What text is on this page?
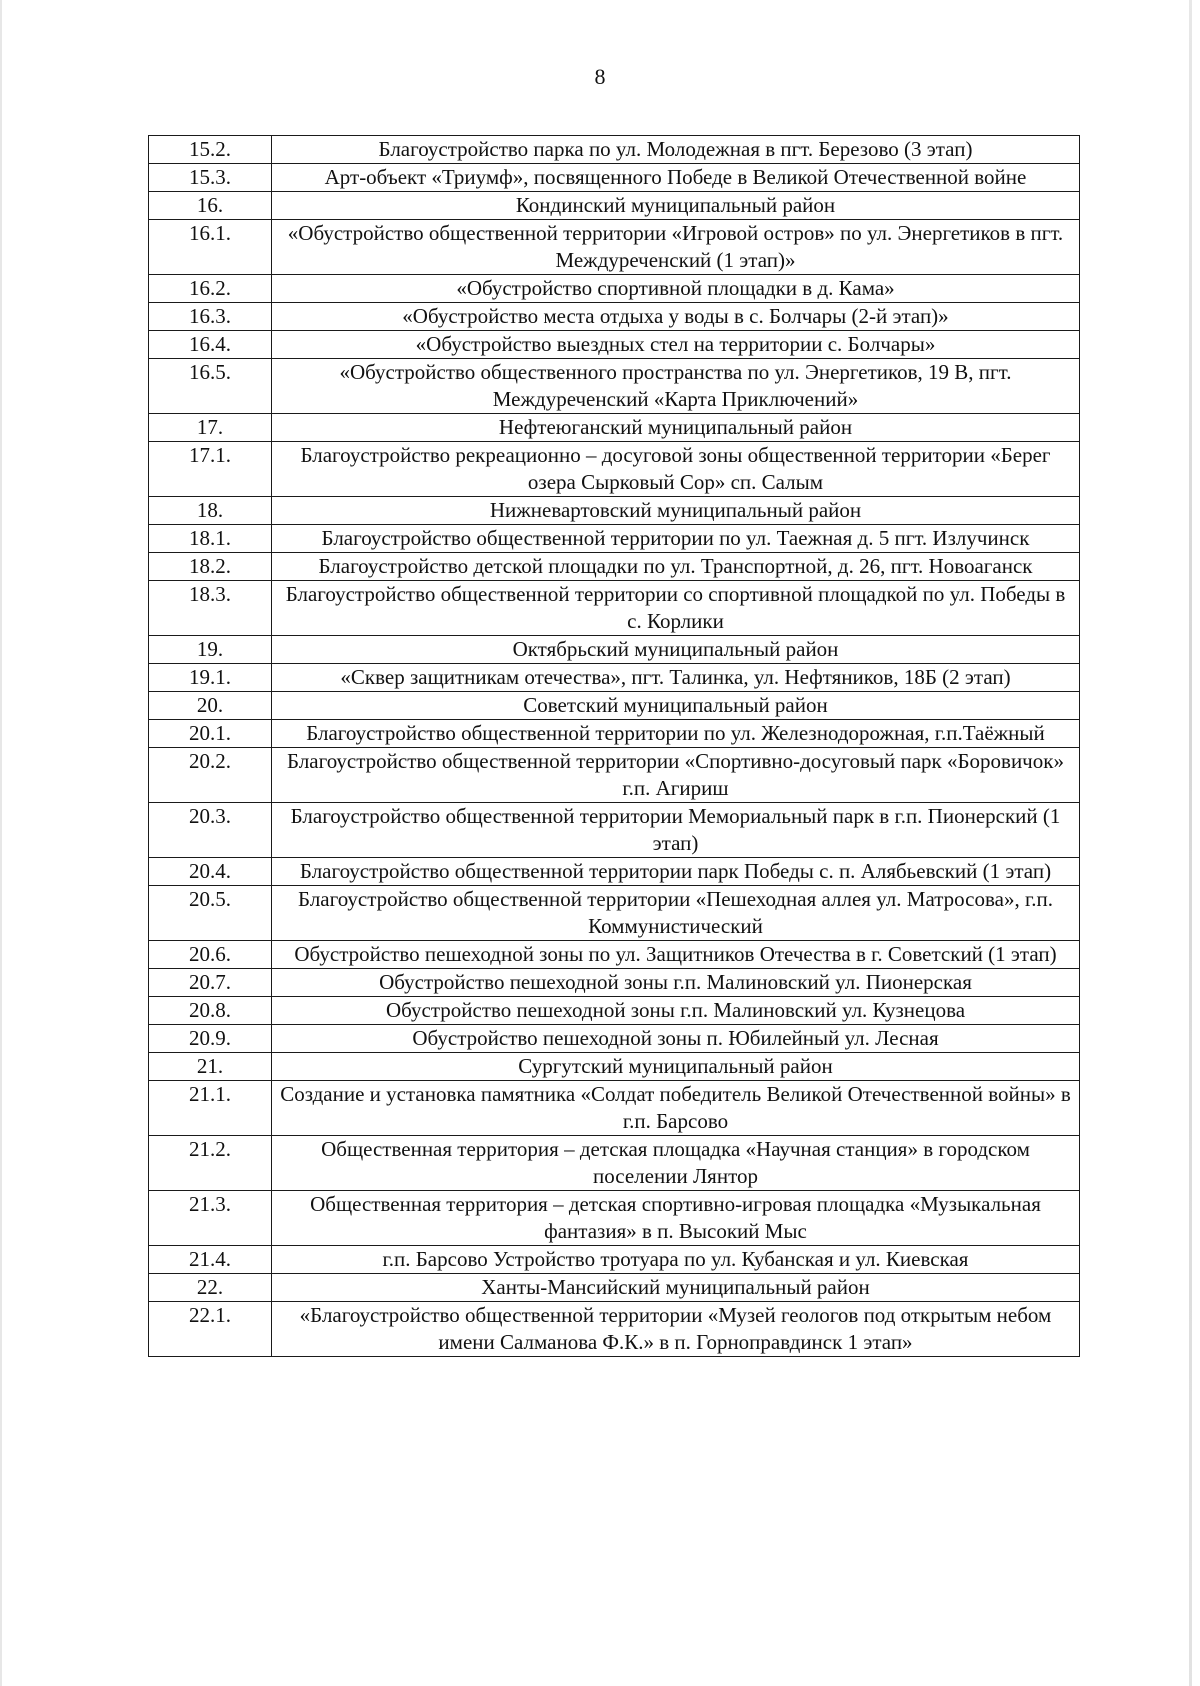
8
15.2.	Благоустройство парка по ул. Молодежная в пгт. Березово (3 этап)
15.3.	Арт-объект «Триумф», посвященного Победе в Великой Отечественной войне
16.	Кондинский муниципальный район
16.1.	«Обустройство общественной территории «Игровой остров» по ул. Энергетиков в пгт. Междуреченский (1 этап)»
16.2.	«Обустройство спортивной площадки в д. Кама»
16.3.	«Обустройство места отдыха у воды в с. Болчары (2-й этап)»
16.4.	«Обустройство выездных стел на территории с. Болчары»
16.5.	«Обустройство общественного пространства по ул. Энергетиков, 19 В, пгт. Междуреченский «Карта Приключений»
17.	Нефтеюганский муниципальный район
17.1.	Благоустройство рекреационно – досуговой зоны общественной территории «Берег озера Сырковый Сор» сп. Салым
18.	Нижневартовский муниципальный район
18.1.	Благоустройство общественной территории по ул. Таежная д. 5 пгт. Излучинск
18.2.	Благоустройство детской площадки по ул. Транспортной, д. 26, пгт. Новоаганск
18.3.	Благоустройство общественной территории со спортивной площадкой по ул. Победы в с. Корлики
19.	Октябрьский муниципальный район
19.1.	«Сквер защитникам отечества», пгт. Талинка, ул. Нефтяников, 18Б (2 этап)
20.	Советский муниципальный район
20.1.	Благоустройство общественной территории по ул. Железнодорожная, г.п.Таёжный
20.2.	Благоустройство общественной территории «Спортивно-досуговый парк «Боровичок» г.п. Агириш
20.3.	Благоустройство общественной территории Мемориальный парк в г.п. Пионерский (1 этап)
20.4.	Благоустройство общественной территории парк Победы с. п. Алябьевский (1 этап)
20.5.	Благоустройство общественной территории «Пешеходная аллея ул. Матросова», г.п. Коммунистический
20.6.	Обустройство пешеходной зоны по ул. Защитников Отечества в г. Советский (1 этап)
20.7.	Обустройство пешеходной зоны г.п. Малиновский ул. Пионерская
20.8.	Обустройство пешеходной зоны г.п. Малиновский ул. Кузнецова
20.9.	Обустройство пешеходной зоны п. Юбилейный ул. Лесная
21.	Сургутский муниципальный район
21.1.	Создание и установка памятника «Солдат победитель Великой Отечественной войны» в г.п. Барсово
21.2.	Общественная территория – детская площадка «Научная станция» в городском поселении Лянтор
21.3.	Общественная территория – детская спортивно-игровая площадка «Музыкальная фантазия» в п. Высокий Мыс
21.4.	г.п. Барсово Устройство тротуара по ул. Кубанская и ул. Киевская
22.	Ханты-Мансийский муниципальный район
22.1.	«Благоустройство общественной территории «Музей геологов под открытым небом имени Салманова Ф.К.» в п. Горноправдинск 1 этап»
